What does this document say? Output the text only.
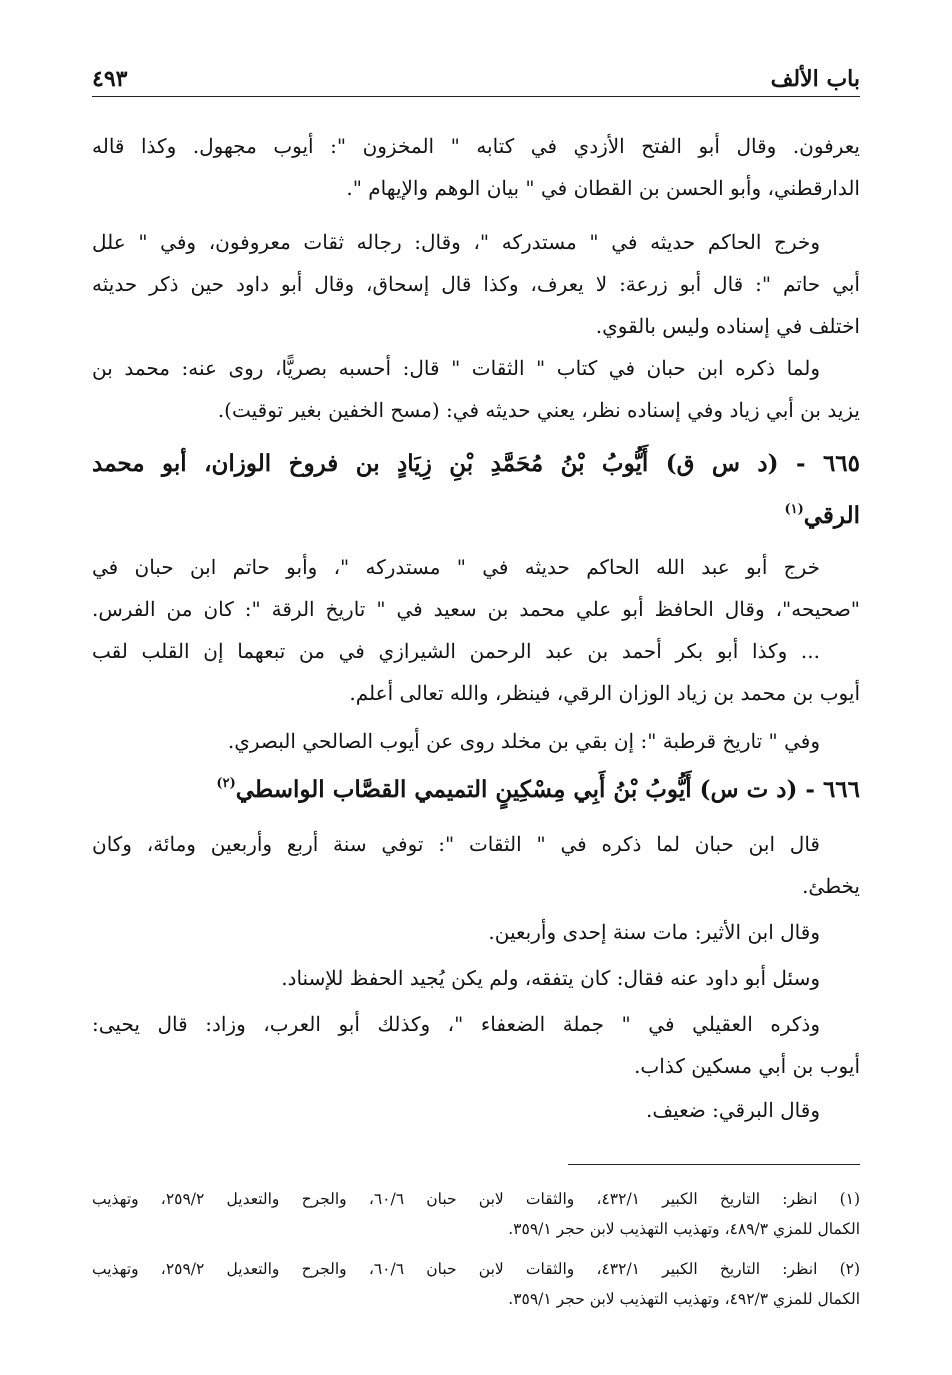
باب الألف
٤٩٣
يعرفون. وقال أبو الفتح الأزدي في كتابه " المخزون ": أيوب مجهول. وكذا قاله
الدارقطني، وأبو الحسن بن القطان في " بيان الوهم والإيهام ".
وخرج الحاكم حديثه في " مستدركه "، وقال: رجاله ثقات معروفون، وفي " علل
أبي حاتم ": قال أبو زرعة: لا يعرف، وكذا قال إسحاق، وقال أبو داود حين ذكر حديثه
اختلف في إسناده وليس بالقوي.
ولما ذكره ابن حبان في كتاب " الثقات " قال: أحسبه بصريًّا، روى عنه: محمد بن
يزيد بن أبي زياد وفي إسناده نظر، يعني حديثه في: (مسح الخفين بغير توقيت).
٦٦٥ - (د س ق) أَيُّوبُ بْنُ مُحَمَّدِ بْنِ زِيَادٍ بن فروخ الوزان، أبو محمد
الرقي$^{(١)}$
خرج أبو عبد الله الحاكم حديثه في " مستدركه "، وأبو حاتم ابن حبان في
"صحيحه"، وقال الحافظ أبو علي محمد بن سعيد في " تاريخ الرقة ": كان من الفرس.
... وكذا أبو بكر أحمد بن عبد الرحمن الشيرازي في من تبعهما إن القلب لقب
أيوب بن محمد بن زياد الوزان الرقي، فينظر، والله تعالى أعلم.
وفي " تاريخ قرطبة ": إن بقي بن مخلد روى عن أيوب الصالحي البصري.
٦٦٦ - (د ت س) أَيُّوبُ بْنُ أَبِي مِسْكِينٍ التميمي القصَّاب الواسطي$^{(٢)}$
قال ابن حبان لما ذكره في " الثقات ": توفي سنة أربع وأربعين ومائة، وكان
يخطئ.
وقال ابن الأثير: مات سنة إحدى وأربعين.
وسئل أبو داود عنه فقال: كان يتفقه، ولم يكن يُجيد الحفظ للإسناد.
وذكره العقيلي في " جملة الضعفاء "، وكذلك أبو العرب، وزاد: قال يحيى:
أيوب بن أبي مسكين كذاب.
وقال البرقي: ضعيف.
(١) انظر: التاريخ الكبير ٤٣٢/١، والثقات لابن حبان ٦٠/٦، والجرح والتعديل ٢٥٩/٢، وتهذيب
الكمال للمزي ٤٨٩/٣، وتهذيب التهذيب لابن حجر ٣٥٩/١.
(٢) انظر: التاريخ الكبير ٤٣٢/١، والثقات لابن حبان ٦٠/٦، والجرح والتعديل ٢٥٩/٢، وتهذيب
الكمال للمزي ٤٩٢/٣، وتهذيب التهذيب لابن حجر ٣٥٩/١.
